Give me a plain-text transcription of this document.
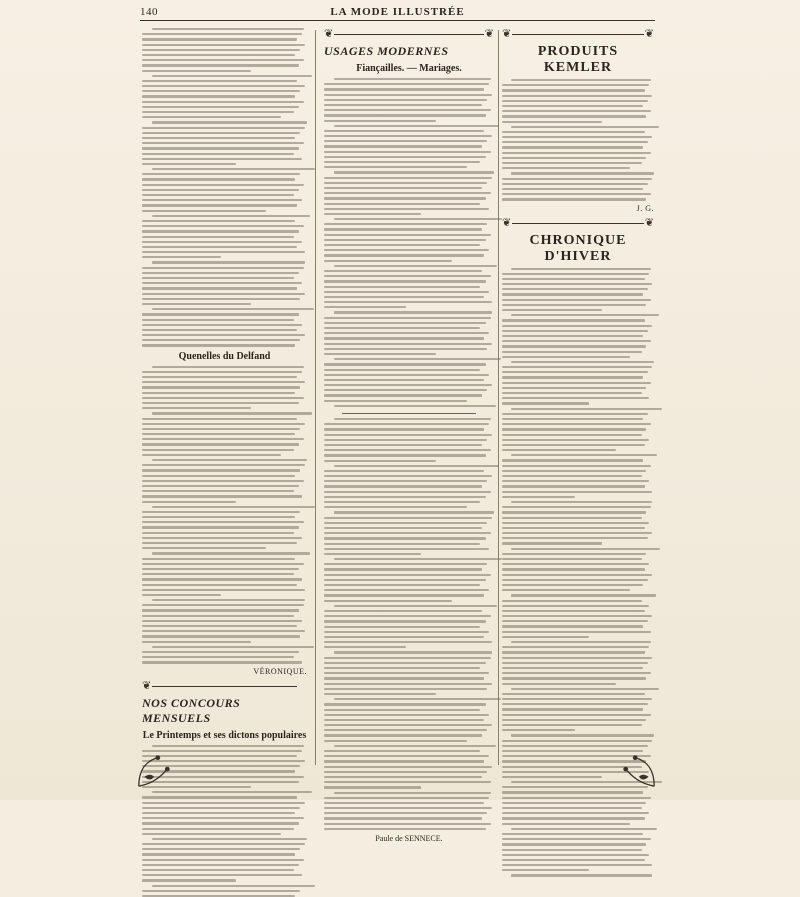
140	LA MODE ILLUSTRÉE
Quenelles du Delfand
VÉRONIQUE.
❦
NOS CONCOURS MENSUELS
Le Printemps et ses dictons populaires
❦	❦
USAGES MODERNES
Fiançailles. — Mariages.
Paule de SENNECE.
❦	❦
PRODUITS KEMLER
J. G.
❦	❦
CHRONIQUE D'HIVER
